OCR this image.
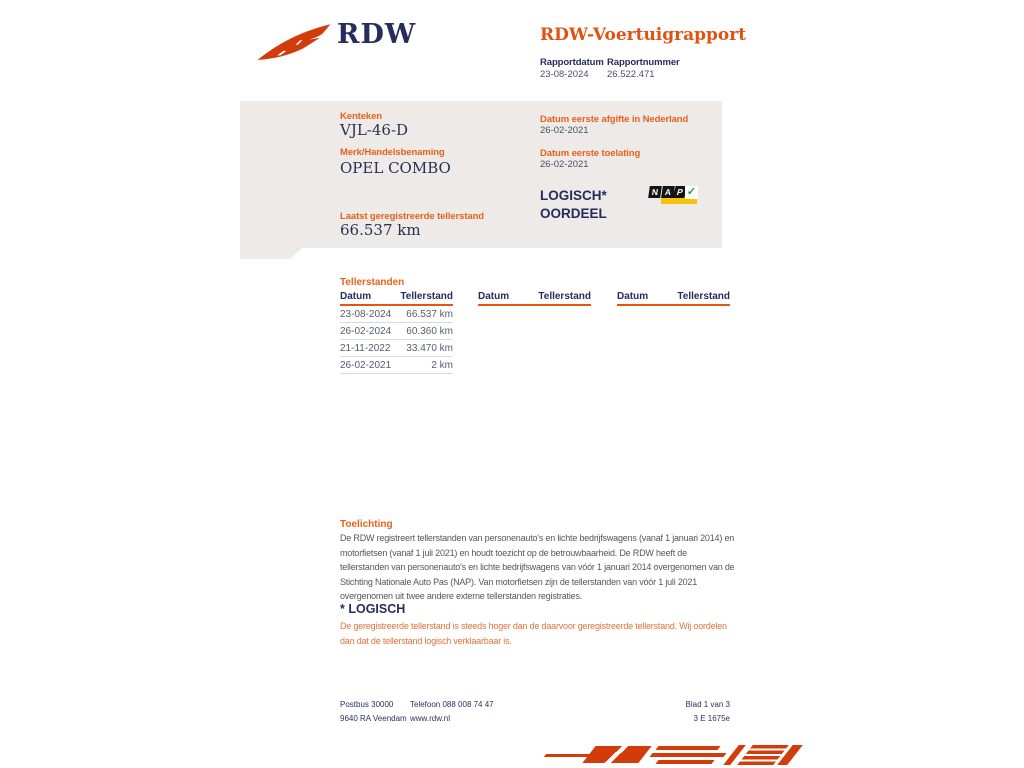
RDW	RDW-Voertuigrapport
Rapportdatum
23-08-2024
Rapportnummer
26.522.471
Kenteken
VJL-46-D
Merk/Handelsbenaming
OPEL COMBO
Laatst geregistreerde tellerstand
66.537 km
Datum eerste afgifte in Nederland
26-02-2021
Datum eerste toelating
26-02-2021
LOGISCH*
OORDEEL
N A P ✓
Tellerstanden
Datum	Tellerstand
23-08-2024 66.537 km
26-02-2024 60.360 km
21-11-2022 33.470 km
26-02-2021	2 km
Datum	Tellerstand	Datum	Tellerstand
Toelichting
De RDW registreert tellerstanden van personenauto's en lichte bedrijfswagens (vanaf 1 januari 2014) en motorfietsen (vanaf 1 juli 2021) en houdt toezicht op de betrouwbaarheid. De RDW heeft de tellerstanden van personenauto's en lichte bedrijfswagens van vóór 1 januari 2014 overgenomen van de Stichting Nationale Auto Pas (NAP). Van motorfietsen zijn de tellerstanden van vóór 1 juli 2021 overgenomen uit twee andere externe tellerstanden registraties.
* LOGISCH
De geregistreerde tellerstand is steeds hoger dan de daarvoor geregistreerde tellerstand. Wij oordelen dan dat de tellerstand logisch verklaarbaar is.
Postbus 30000
9640 RA Veendam
Telefoon 088 008 74 47
www.rdw.nl
Blad 1 van 3
3 E 1675e
